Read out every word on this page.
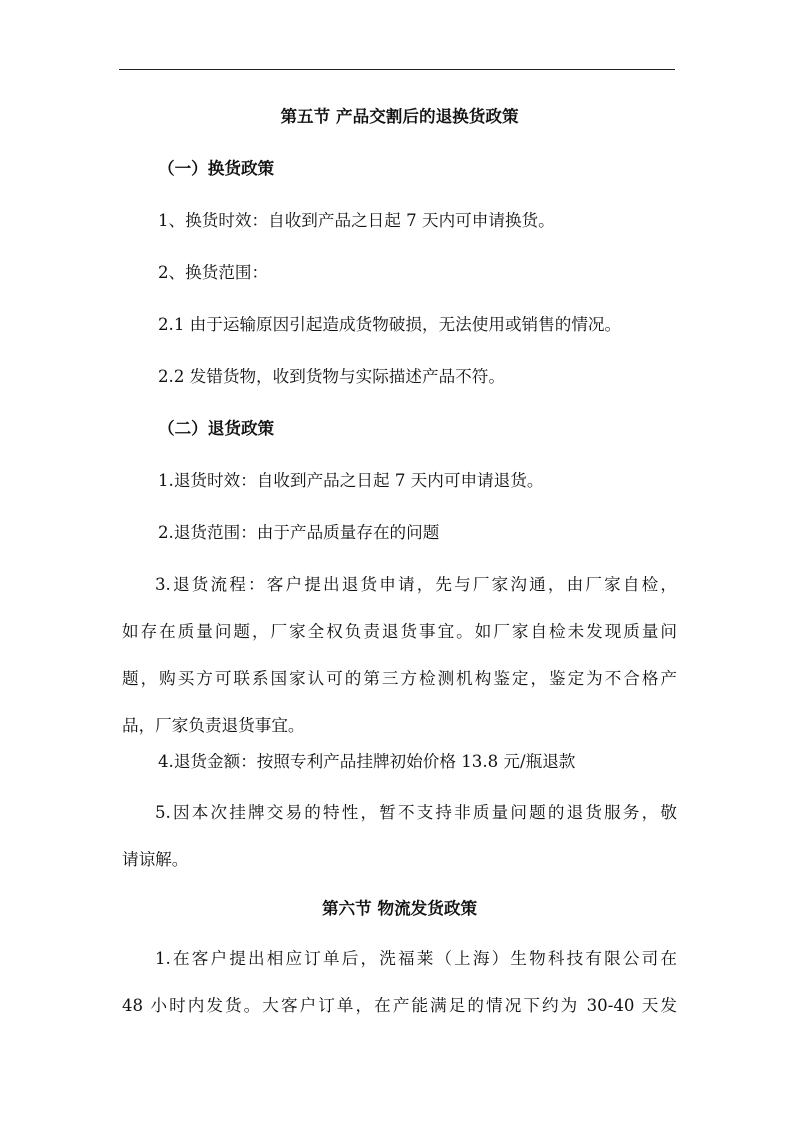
第五节 产品交割后的退换货政策
（一）换货政策
1、换货时效：自收到产品之日起 7 天内可申请换货。
2、换货范围：
2.1 由于运输原因引起造成货物破损，无法使用或销售的情况。
2.2 发错货物，收到货物与实际描述产品不符。
（二）退货政策
1.退货时效：自收到产品之日起 7 天内可申请退货。
2.退货范围：由于产品质量存在的问题
3.退货流程：客户提出退货申请，先与厂家沟通，由厂家自检，
如存在质量问题，厂家全权负责退货事宜。如厂家自检未发现质量问
题，购买方可联系国家认可的第三方检测机构鉴定，鉴定为不合格产
品，厂家负责退货事宜。
4.退货金额：按照专利产品挂牌初始价格 13.8 元/瓶退款
5.因本次挂牌交易的特性，暂不支持非质量问题的退货服务，敬
请谅解。
第六节 物流发货政策
1.在客户提出相应订单后，洗福莱（上海）生物科技有限公司在
48 小时内发货。大客户订单，在产能满足的情况下约为 30-40 天发
